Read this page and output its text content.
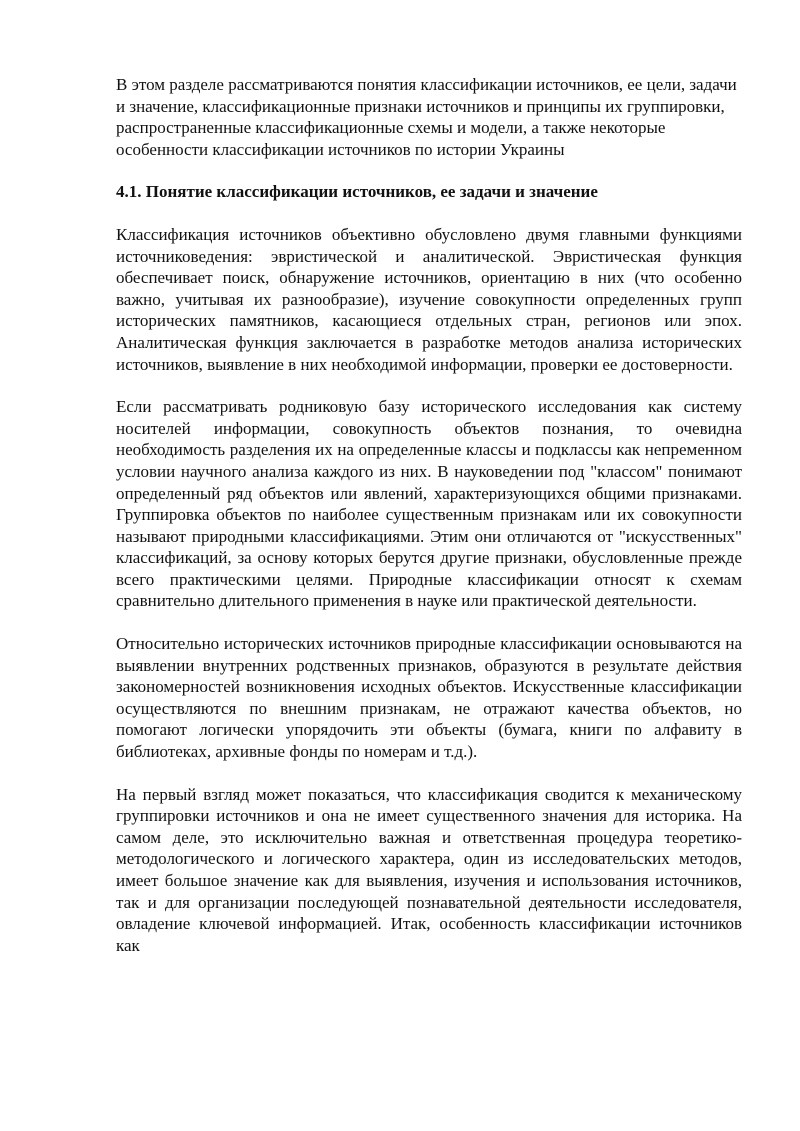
В этом разделе рассматриваются понятия классификации источников, ее цели, задачи и значение, классификационные признаки источников и принципы их группировки, распространенные классификационные схемы и модели, а также некоторые особенности классификации источников по истории Украины

4.1. Понятие классификации источников, ее задачи и значение

Классификация источников объективно обусловлено двумя главными функциями источниковедения: эвристической и аналитической. Эвристическая функция обеспечивает поиск, обнаружение источников, ориентацию в них (что особенно важно, учитывая их разнообразие), изучение совокупности определенных групп исторических памятников, касающиеся отдельных стран, регионов или эпох. Аналитическая функция заключается в разработке методов анализа исторических источников, выявление в них необходимой информации, проверки ее достоверности.

Если рассматривать родниковую базу исторического исследования как систему носителей информации, совокупность объектов познания, то очевидна необходимость разделения их на определенные классы и подклассы как непременном условии научного анализа каждого из них. В науковедении под "классом" понимают определенный ряд объектов или явлений, характеризующихся общими признаками. Группировка объектов по наиболее существенным признакам или их совокупности называют природными классификациями. Этим они отличаются от "искусственных" классификаций, за основу которых берутся другие признаки, обусловленные прежде всего практическими целями. Природные классификации относят к схемам сравнительно длительного применения в науке или практической деятельности.

Относительно исторических источников природные классификации основываются на выявлении внутренних родственных признаков, образуются в результате действия закономерностей возникновения исходных объектов. Искусственные классификации осуществляются по внешним признакам, не отражают качества объектов, но помогают логически упорядочить эти объекты (бумага, книги по алфавиту в библиотеках, архивные фонды по номерам и т.д.).

На первый взгляд может показаться, что классификация сводится к механическому группировки источников и она не имеет существенного значения для историка. На самом деле, это исключительно важная и ответственная процедура теоретико-методологического и логического характера, один из исследовательских методов, имеет большое значение как для выявления, изучения и использования источников, так и для организации последующей познавательной деятельности исследователя, овладение ключевой информацией. Итак, особенность классификации источников как
